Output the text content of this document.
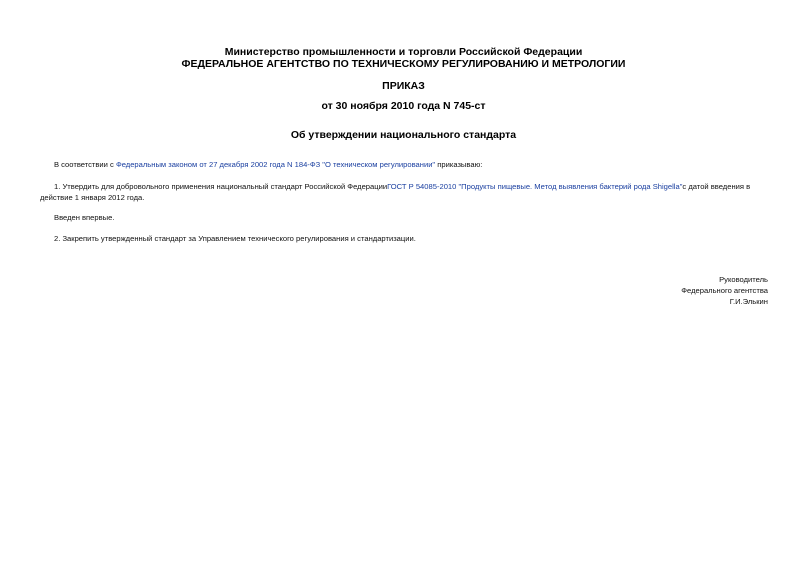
Министерство промышленности и торговли Российской Федерации
ФЕДЕРАЛЬНОЕ АГЕНТСТВО ПО ТЕХНИЧЕСКОМУ РЕГУЛИРОВАНИЮ И МЕТРОЛОГИИ
ПРИКАЗ
от 30 ноября 2010 года N 745-ст
Об утверждении национального стандарта
В соответствии с Федеральным законом от 27 декабря 2002 года N 184-ФЗ "О техническом регулировании" приказываю:
1. Утвердить для добровольного применения национальный стандарт Российской ФедерацииГОСТ Р 54085-2010 "Продукты пищевые. Метод выявления бактерий рода Shigella"с датой введения в действие 1 января 2012 года.
Введен впервые.
2. Закрепить утвержденный стандарт за Управлением технического регулирования и стандартизации.
Руководитель
Федерального агентства
Г.И.Элькин
